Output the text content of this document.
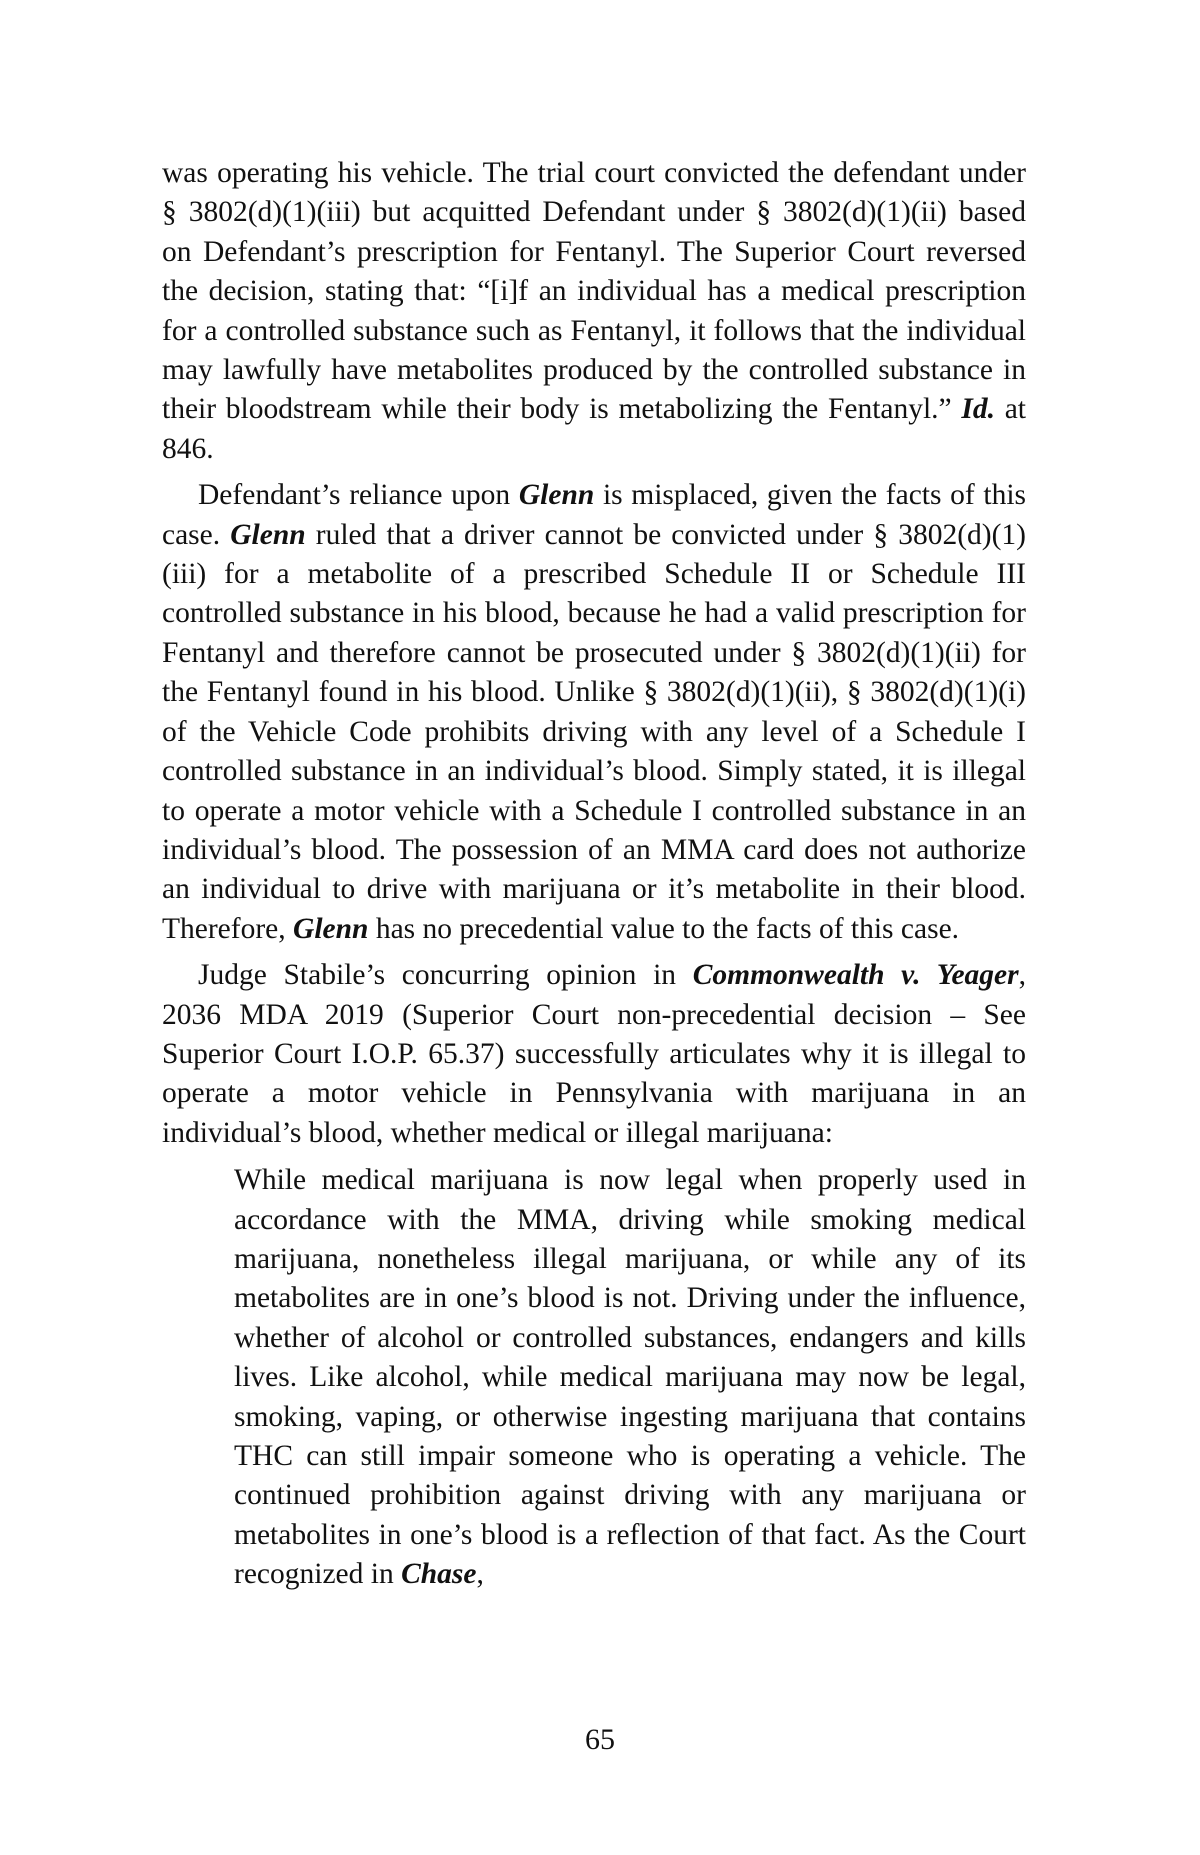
was operating his vehicle. The trial court convicted the defendant under § 3802(d)(1)(iii) but acquitted Defendant under § 3802(d)(1)(ii) based on Defendant’s prescription for Fentanyl. The Superior Court reversed the decision, stating that: “[i]f an individual has a medical prescription for a controlled substance such as Fentanyl, it follows that the individual may lawfully have metabolites produced by the controlled substance in their bloodstream while their body is metabolizing the Fentanyl.” Id. at 846.

Defendant’s reliance upon Glenn is misplaced, given the facts of this case. Glenn ruled that a driver cannot be convicted under § 3802(d)(1)(iii) for a metabolite of a prescribed Schedule II or Schedule III controlled substance in his blood, because he had a valid prescription for Fentanyl and therefore cannot be prosecuted under § 3802(d)(1)(ii) for the Fentanyl found in his blood. Unlike § 3802(d)(1)(ii), § 3802(d)(1)(i) of the Vehicle Code prohibits driving with any level of a Schedule I controlled substance in an individual’s blood. Simply stated, it is illegal to operate a motor vehicle with a Schedule I controlled substance in an individual’s blood. The possession of an MMA card does not authorize an individual to drive with marijuana or it’s metabolite in their blood. Therefore, Glenn has no precedential value to the facts of this case.

Judge Stabile’s concurring opinion in Commonwealth v. Yeager, 2036 MDA 2019 (Superior Court non-precedential decision – See Superior Court I.O.P. 65.37) successfully articulates why it is illegal to operate a motor vehicle in Pennsylvania with marijuana in an individual’s blood, whether medical or illegal marijuana:

While medical marijuana is now legal when properly used in accordance with the MMA, driving while smoking medical marijuana, nonetheless illegal marijuana, or while any of its metabolites are in one’s blood is not. Driving under the influence, whether of alcohol or controlled substances, endangers and kills lives. Like alcohol, while medical marijuana may now be legal, smoking, vaping, or otherwise ingesting marijuana that contains THC can still impair someone who is operating a vehicle. The continued prohibition against driving with any marijuana or metabolites in one’s blood is a reflection of that fact. As the Court recognized in Chase,

65
